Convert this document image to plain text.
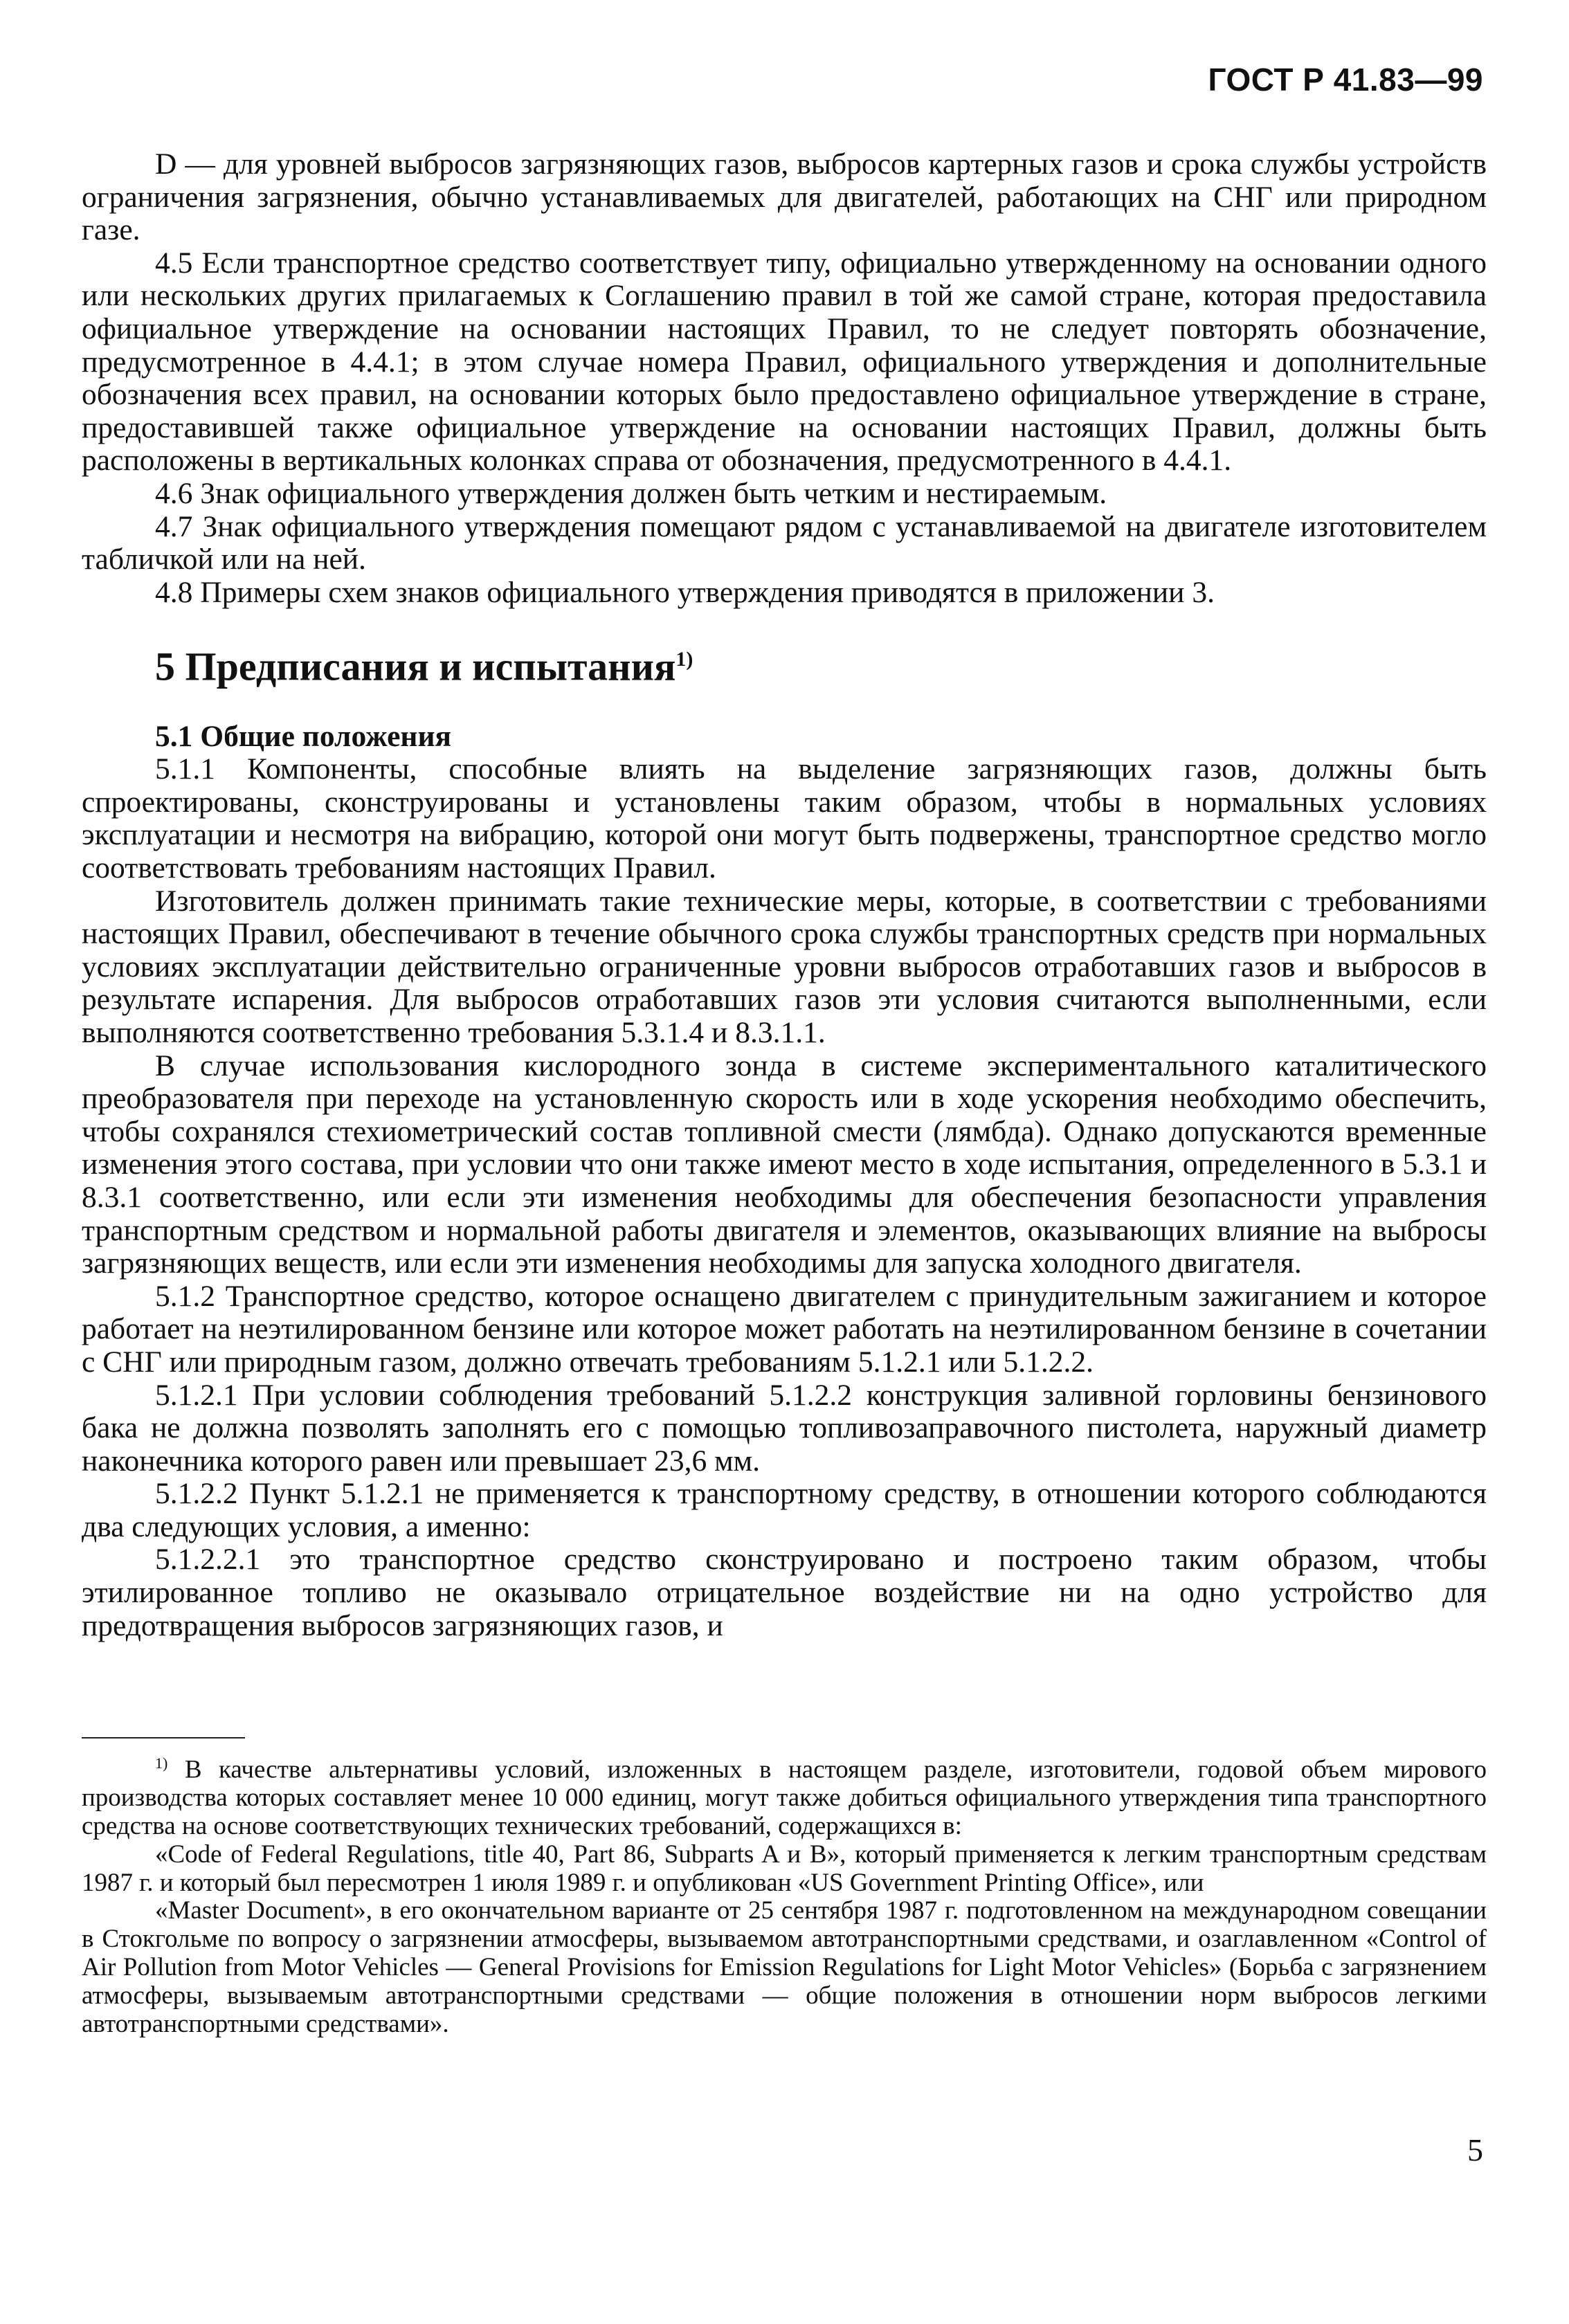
ГОСТ Р 41.83—99

D — для уровней выбросов загрязняющих газов, выбросов картерных газов и срока службы устройств ограничения загрязнения, обычно устанавливаемых для двигателей, работающих на СНГ или природном газе.

4.5 Если транспортное средство соответствует типу, официально утвержденному на основании одного или нескольких других прилагаемых к Соглашению правил в той же самой стране, которая предоставила официальное утверждение на основании настоящих Правил, то не следует повторять обозначение, предусмотренное в 4.4.1; в этом случае номера Правил, официального утверждения и дополнительные обозначения всех правил, на основании которых было предоставлено официальное утверждение в стране, предоставившей также официальное утверждение на основании настоящих Правил, должны быть расположены в вертикальных колонках справа от обозначения, предусмотренного в 4.4.1.

4.6 Знак официального утверждения должен быть четким и нестираемым.

4.7 Знак официального утверждения помещают рядом с устанавливаемой на двигателе изготовителем табличкой или на ней.

4.8 Примеры схем знаков официального утверждения приводятся в приложении 3.

5 Предписания и испытания$^{1)}$
5.1 Общие положения

5.1.1 Компоненты, способные влиять на выделение загрязняющих газов, должны быть спроектированы, сконструированы и установлены таким образом, чтобы в нормальных условиях эксплуатации и несмотря на вибрацию, которой они могут быть подвержены, транспортное средство могло соответствовать требованиям настоящих Правил.

Изготовитель должен принимать такие технические меры, которые, в соответствии с требованиями настоящих Правил, обеспечивают в течение обычного срока службы транспортных средств при нормальных условиях эксплуатации действительно ограниченные уровни выбросов отработавших газов и выбросов в результате испарения. Для выбросов отработавших газов эти условия считаются выполненными, если выполняются соответственно требования 5.3.1.4 и 8.3.1.1.

В случае использования кислородного зонда в системе экспериментального каталитического преобразователя при переходе на установленную скорость или в ходе ускорения необходимо обеспечить, чтобы сохранялся стехиометрический состав топливной смести (лямбда). Однако допускаются временные изменения этого состава, при условии что они также имеют место в ходе испытания, определенного в 5.3.1 и 8.3.1 соответственно, или если эти изменения необходимы для обеспечения безопасности управления транспортным средством и нормальной работы двигателя и элементов, оказывающих влияние на выбросы загрязняющих веществ, или если эти изменения необходимы для запуска холодного двигателя.

5.1.2 Транспортное средство, которое оснащено двигателем с принудительным зажиганием и которое работает на неэтилированном бензине или которое может работать на неэтилированном бензине в сочетании с СНГ или природным газом, должно отвечать требованиям 5.1.2.1 или 5.1.2.2.

5.1.2.1 При условии соблюдения требований 5.1.2.2 конструкция заливной горловины бензинового бака не должна позволять заполнять его с помощью топливозаправочного пистолета, наружный диаметр наконечника которого равен или превышает 23,6 мм.

5.1.2.2 Пункт 5.1.2.1 не применяется к транспортному средству, в отношении которого соблюдаются два следующих условия, а именно:

5.1.2.2.1 это транспортное средство сконструировано и построено таким образом, чтобы этилированное топливо не оказывало отрицательное воздействие ни на одно устройство для предотвращения выбросов загрязняющих газов, и

$^{1)}$ В качестве альтернативы условий, изложенных в настоящем разделе, изготовители, годовой объем мирового производства которых составляет менее 10 000 единиц, могут также добиться официального утверждения типа транспортного средства на основе соответствующих технических требований, содержащихся в:

«Code of Federal Regulations, title 40, Part 86, Subparts A и B», который применяется к легким транспортным средствам 1987 г. и который был пересмотрен 1 июля 1989 г. и опубликован «US Government Printing Office», или

«Master Document», в его окончательном варианте от 25 сентября 1987 г. подготовленном на международном совещании в Стокгольме по вопросу о загрязнении атмосферы, вызываемом автотранспортными средствами, и озаглавленном «Control of Air Pollution from Motor Vehicles — General Provisions for Emission Regulations for Light Motor Vehicles» (Борьба с загрязнением атмосферы, вызываемым автотранспортными средствами — общие положения в отношении норм выбросов легкими автотранспортными средствами».

5
